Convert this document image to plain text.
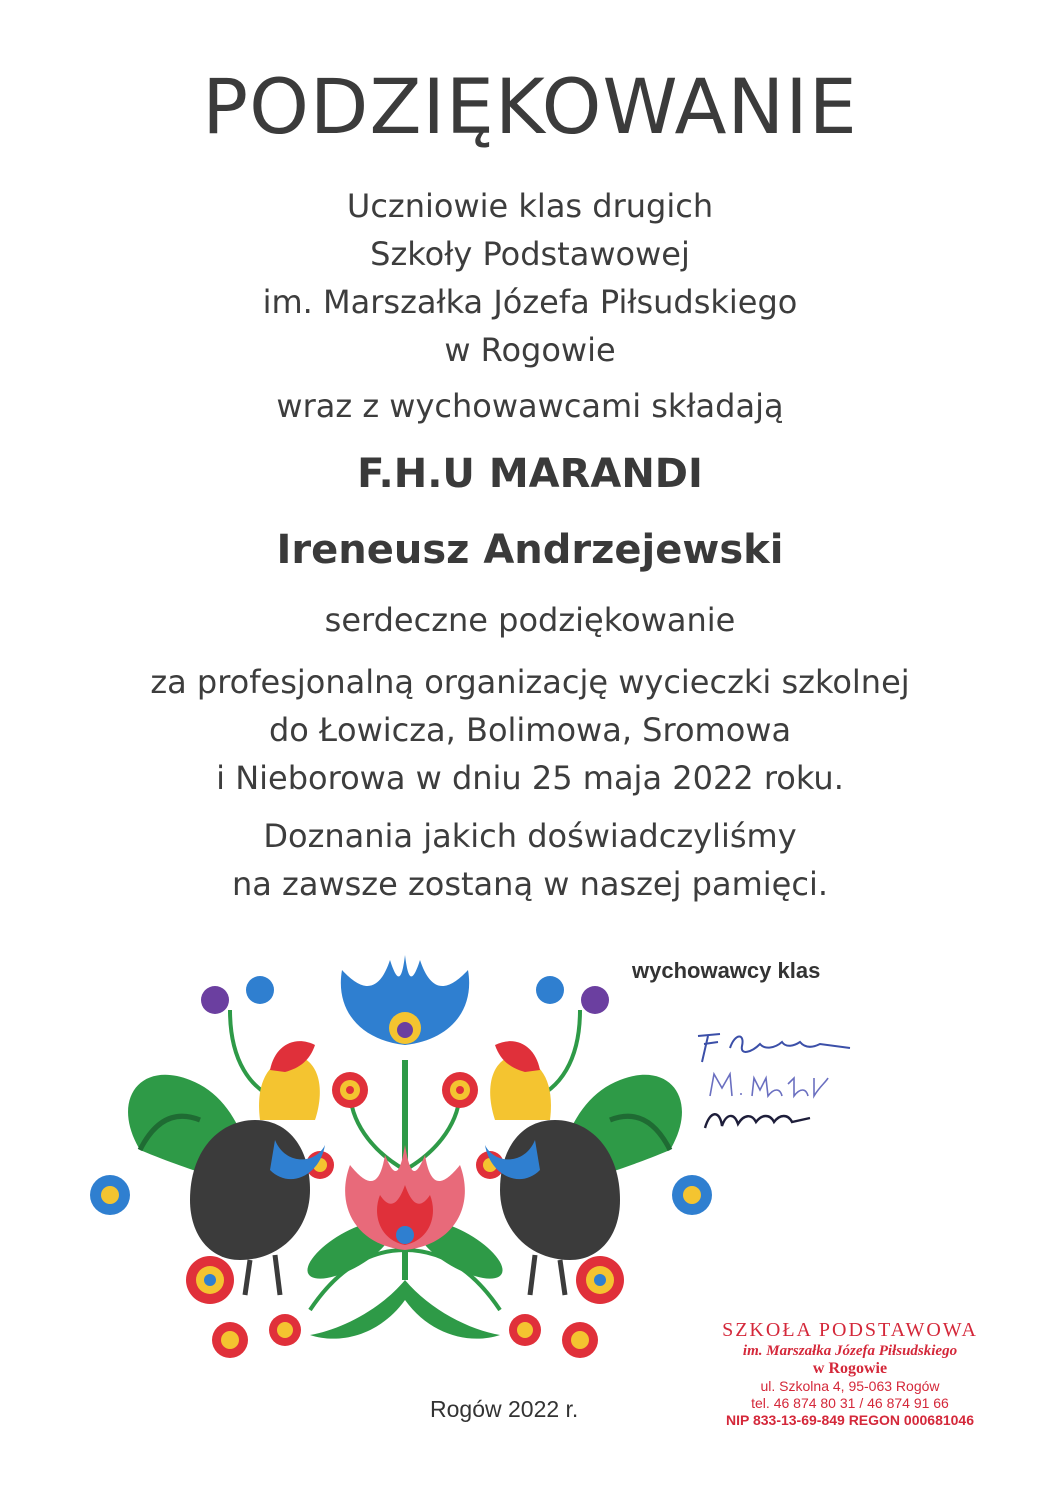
PODZIĘKOWANIE
Uczniowie klas drugich
Szkoły Podstawowej
im. Marszałka Józefa Piłsudskiego
w Rogowie
wraz z wychowawcami składają
F.H.U MARANDI
Ireneusz Andrzejewski
serdeczne podziękowanie
za profesjonalną organizację wycieczki szkolnej
do Łowicza, Bolimowa, Sromowa
i Nieborowa w dniu 25 maja 2022 roku.
Doznania jakich doświadczyliśmy
na zawsze zostaną w naszej pamięci.
wychowawcy klas
Rogów 2022 r.
SZKOŁA PODSTAWOWA
im. Marszałka Józefa Piłsudskiego
w Rogowie
ul. Szkolna 4, 95-063 Rogów
tel. 46 874 80 31 / 46 874 91 66
NIP 833-13-69-849 REGON 000681046
